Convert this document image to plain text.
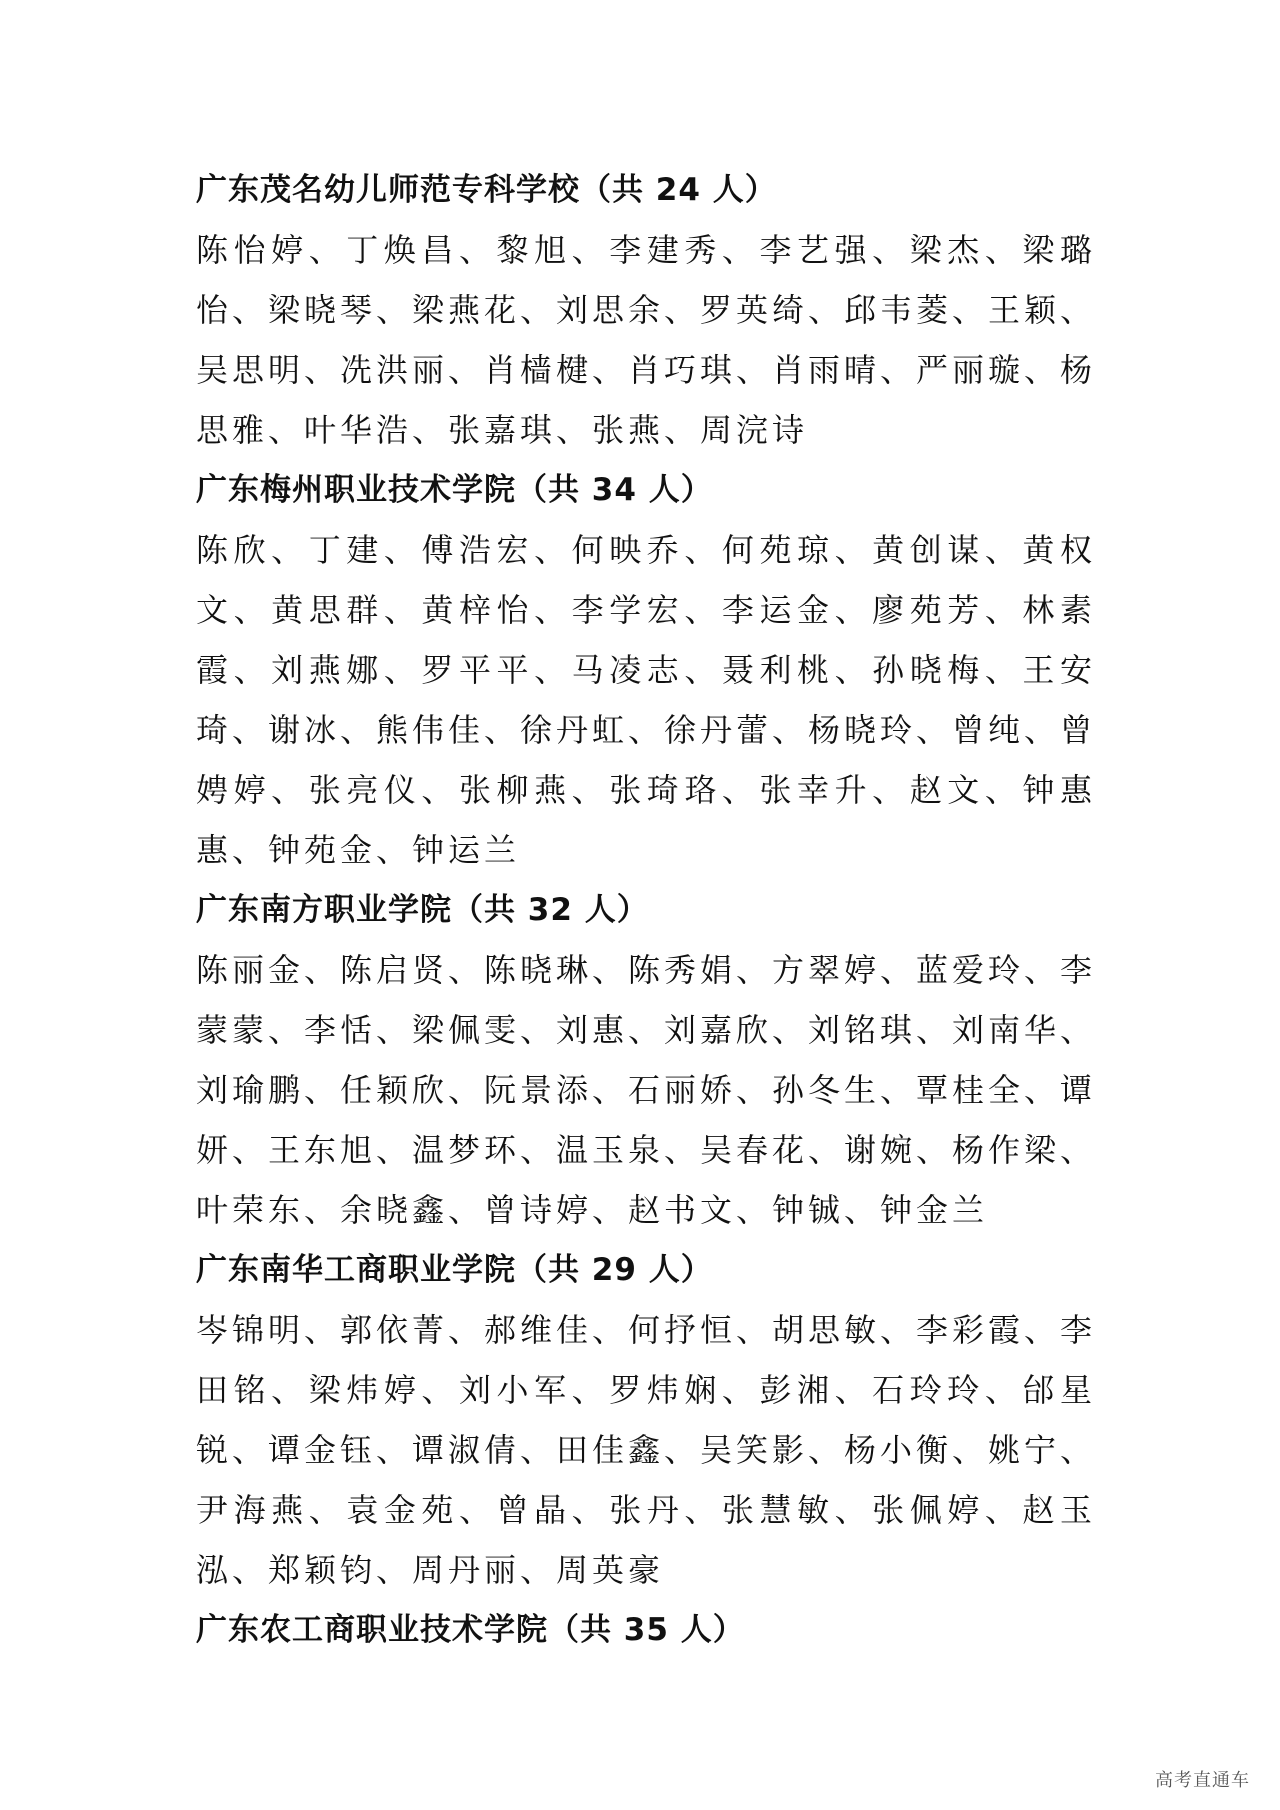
广东茂名幼儿师范专科学校（共 24 人）
陈怡婷、丁焕昌、黎旭、李建秀、李艺强、梁杰、梁璐怡、梁晓琴、梁燕花、刘思余、罗英绮、邱韦菱、王颖、吴思明、冼洪丽、肖樯楗、肖巧琪、肖雨晴、严丽璇、杨思雅、叶华浩、张嘉琪、张燕、周浣诗
广东梅州职业技术学院（共 34 人）
陈欣、丁建、傅浩宏、何映乔、何苑琼、黄创谋、黄权文、黄思群、黄梓怡、李学宏、李运金、廖苑芳、林素霞、刘燕娜、罗平平、马凌志、聂利桃、孙晓梅、王安琦、谢冰、熊伟佳、徐丹虹、徐丹蕾、杨晓玲、曾纯、曾娉婷、张亮仪、张柳燕、张琦珞、张幸升、赵文、钟惠惠、钟苑金、钟运兰
广东南方职业学院（共 32 人）
陈丽金、陈启贤、陈晓琳、陈秀娟、方翠婷、蓝爱玲、李蒙蒙、李恬、梁佩雯、刘惠、刘嘉欣、刘铭琪、刘南华、刘瑜鹏、任颖欣、阮景添、石丽娇、孙冬生、覃桂全、谭妍、王东旭、温梦环、温玉泉、吴春花、谢婉、杨作梁、叶荣东、余晓鑫、曾诗婷、赵书文、钟铖、钟金兰
广东南华工商职业学院（共 29 人）
岑锦明、郭依菁、郝维佳、何抒恒、胡思敏、李彩霞、李田铭、梁炜婷、刘小军、罗炜娴、彭湘、石玲玲、邰星锐、谭金钰、谭淑倩、田佳鑫、吴笑影、杨小衡、姚宁、尹海燕、袁金苑、曾晶、张丹、张慧敏、张佩婷、赵玉泓、郑颖钧、周丹丽、周英豪
广东农工商职业技术学院（共 35 人）
高考直通车
